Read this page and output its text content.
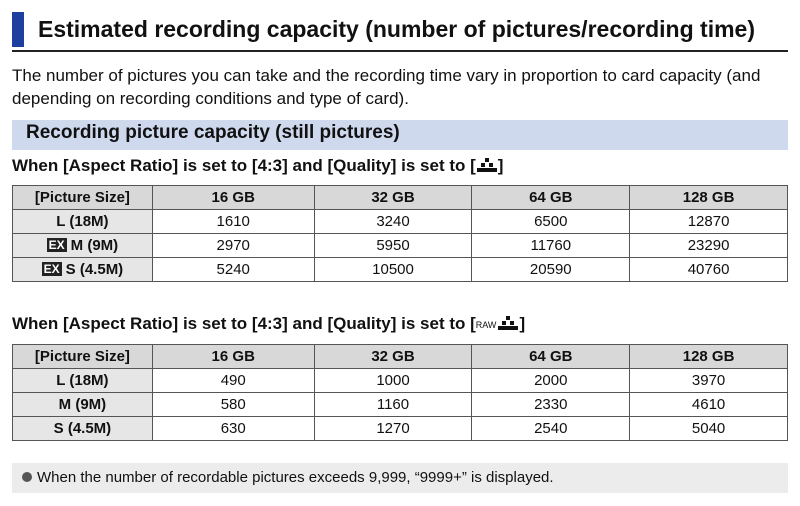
Estimated recording capacity (number of pictures/recording time)
The number of pictures you can take and the recording time vary in proportion to card capacity (and depending on recording conditions and type of card).
Recording picture capacity (still pictures)
When [Aspect Ratio] is set to [4:3] and [Quality] is set to [ ]
[Picture Size]	16 GB	32 GB	64 GB	128 GB
L (18M)	1610	3240	6500	12870
EX M (9M)	2970	5950	11760	23290
EX S (4.5M)	5240	10500	20590	40760
When [Aspect Ratio] is set to [4:3] and [Quality] is set to [RAW ]
[Picture Size]	16 GB	32 GB	64 GB	128 GB
L (18M)	490	1000	2000	3970
M (9M)	580	1160	2330	4610
S (4.5M)	630	1270	2540	5040
When the number of recordable pictures exceeds 9,999, “9999+” is displayed.
